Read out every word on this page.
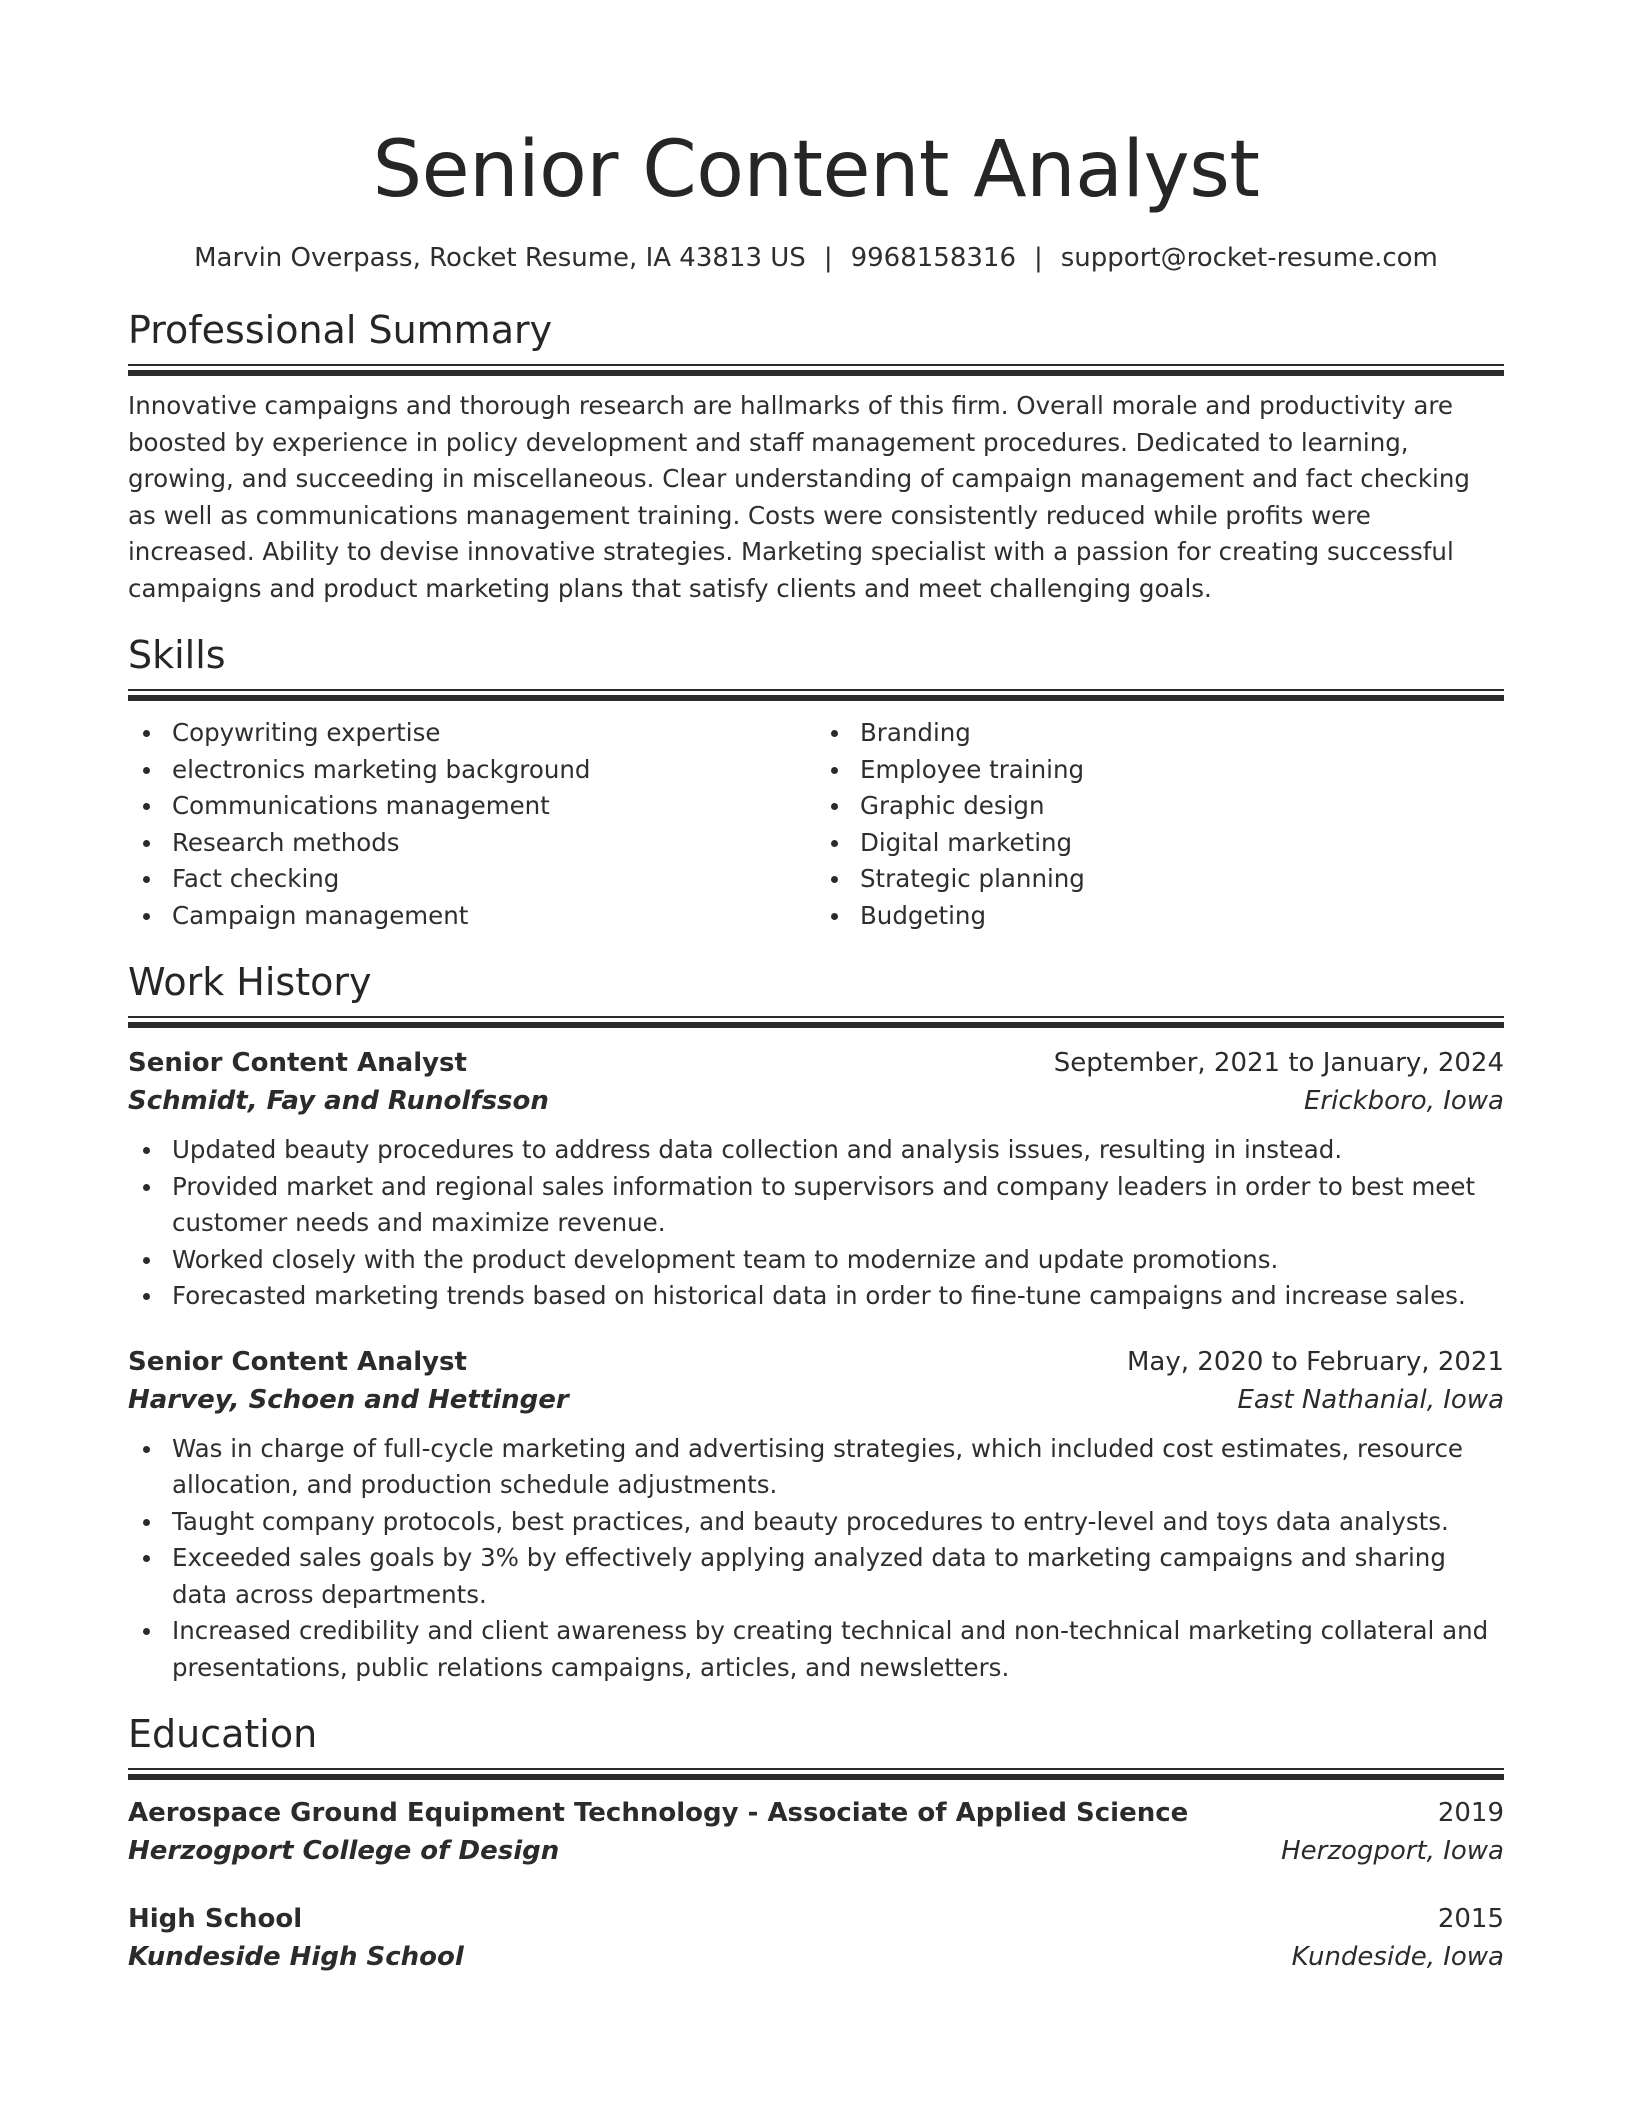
Senior Content Analyst
Marvin Overpass, Rocket Resume, IA 43813 US | 9968158316 | support@rocket-resume.com
Professional Summary

Innovative campaigns and thorough research are hallmarks of this firm. Overall morale and productivity are boosted by experience in policy development and staff management procedures. Dedicated to learning, growing, and succeeding in miscellaneous. Clear understanding of campaign management and fact checking as well as communications management training. Costs were consistently reduced while profits were increased. Ability to devise innovative strategies. Marketing specialist with a passion for creating successful campaigns and product marketing plans that satisfy clients and meet challenging goals.

Skills
Copywriting expertise
electronics marketing background
Communications management
Research methods
Fact checking
Campaign management
Branding
Employee training
Graphic design
Digital marketing
Strategic planning
Budgeting
Work History
Senior Content Analyst	September, 2021 to January, 2024
Schmidt, Fay and Runolfsson	Erickboro, Iowa
Updated beauty procedures to address data collection and analysis issues, resulting in instead.
Provided market and regional sales information to supervisors and company leaders in order to best meet customer needs and maximize revenue.
Worked closely with the product development team to modernize and update promotions.
Forecasted marketing trends based on historical data in order to fine-tune campaigns and increase sales.
Senior Content Analyst	May, 2020 to February, 2021
Harvey, Schoen and Hettinger	East Nathanial, Iowa
Was in charge of full-cycle marketing and advertising strategies, which included cost estimates, resource allocation, and production schedule adjustments.
Taught company protocols, best practices, and beauty procedures to entry-level and toys data analysts.
Exceeded sales goals by 3% by effectively applying analyzed data to marketing campaigns and sharing data across departments.
Increased credibility and client awareness by creating technical and non-technical marketing collateral and presentations, public relations campaigns, articles, and newsletters.
Education
Aerospace Ground Equipment Technology - Associate of Applied Science	2019
Herzogport College of Design	Herzogport, Iowa
High School	2015
Kundeside High School	Kundeside, Iowa
